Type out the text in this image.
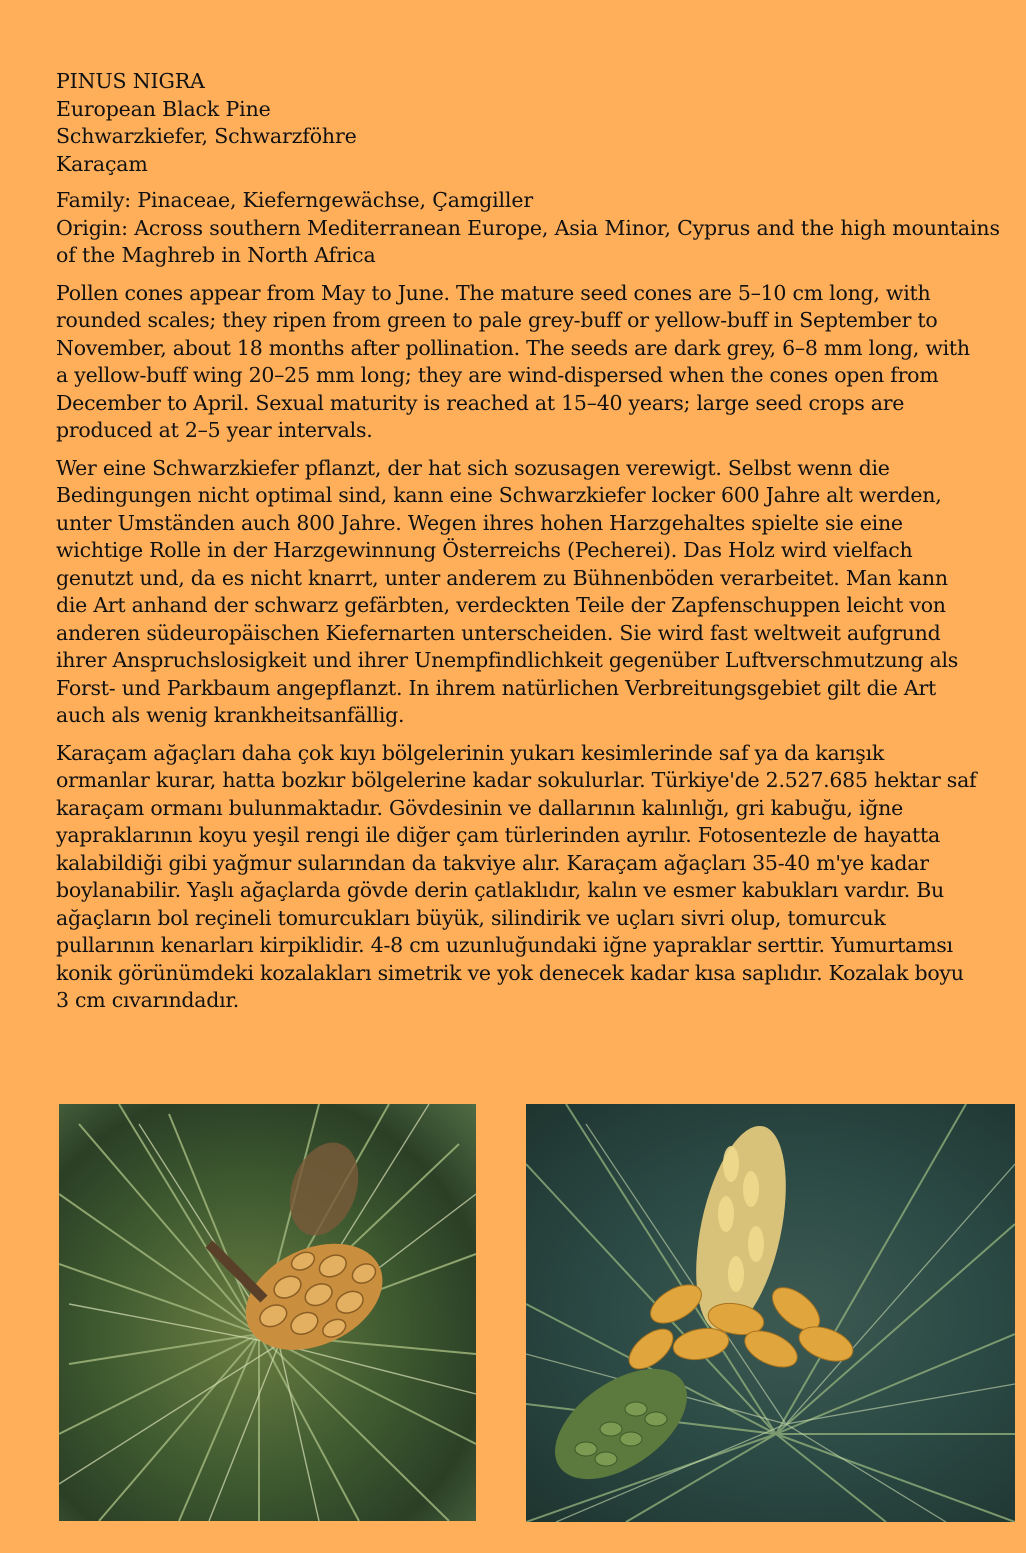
PINUS NIGRA
European Black Pine
Schwarzkiefer, Schwarzföhre
Karaçam
Family: Pinaceae, Kieferngewächse, Çamgiller
Origin: Across southern Mediterranean Europe, Asia Minor, Cyprus and the high mountains
of the Maghreb in North Africa
Pollen cones appear from May to June. The mature seed cones are 5–10 cm long, with
rounded scales; they ripen from green to pale grey-buff or yellow-buff in September to
November, about 18 months after pollination. The seeds are dark grey, 6–8 mm long, with
a yellow-buff wing 20–25 mm long; they are wind-dispersed when the cones open from
December to April. Sexual maturity is reached at 15–40 years; large seed crops are
produced at 2–5 year intervals.
Wer eine Schwarzkiefer pflanzt, der hat sich sozusagen verewigt. Selbst wenn die
Bedingungen nicht optimal sind, kann eine Schwarzkiefer locker 600 Jahre alt werden,
unter Umständen auch 800 Jahre. Wegen ihres hohen Harzgehaltes spielte sie eine
wichtige Rolle in der Harzgewinnung Österreichs (Pecherei). Das Holz wird vielfach
genutzt und, da es nicht knarrt, unter anderem zu Bühnenböden verarbeitet. Man kann
die Art anhand der schwarz gefärbten, verdeckten Teile der Zapfenschuppen leicht von
anderen südeuropäischen Kiefernarten unterscheiden. Sie wird fast weltweit aufgrund
ihrer Anspruchslosigkeit und ihrer Unempfindlichkeit gegenüber Luftverschmutzung als
Forst- und Parkbaum angepflanzt. In ihrem natürlichen Verbreitungsgebiet gilt die Art
auch als wenig krankheitsanfällig.
Karaçam ağaçları daha çok kıyı bölgelerinin yukarı kesimlerinde saf ya da karışık
ormanlar kurar, hatta bozkır bölgelerine kadar sokulurlar. Türkiye'de 2.527.685 hektar saf
karaçam ormanı bulunmaktadır. Gövdesinin ve dallarının kalınlığı, gri kabuğu, iğne
yapraklarının koyu yeşil rengi ile diğer çam türlerinden ayrılır. Fotosentezle de hayatta
kalabildiği gibi yağmur sularından da takviye alır. Karaçam ağaçları 35-40 m'ye kadar
boylanabilir. Yaşlı ağaçlarda gövde derin çatlaklıdır, kalın ve esmer kabukları vardır. Bu
ağaçların bol reçineli tomurcukları büyük, silindirik ve uçları sivri olup, tomurcuk
pullarının kenarları kirpiklidir. 4-8 cm uzunluğundaki iğne yapraklar serttir. Yumurtamsı
konik görünümdeki kozalakları simetrik ve yok denecek kadar kısa saplıdır. Kozalak boyu
3 cm cıvarındadır.
